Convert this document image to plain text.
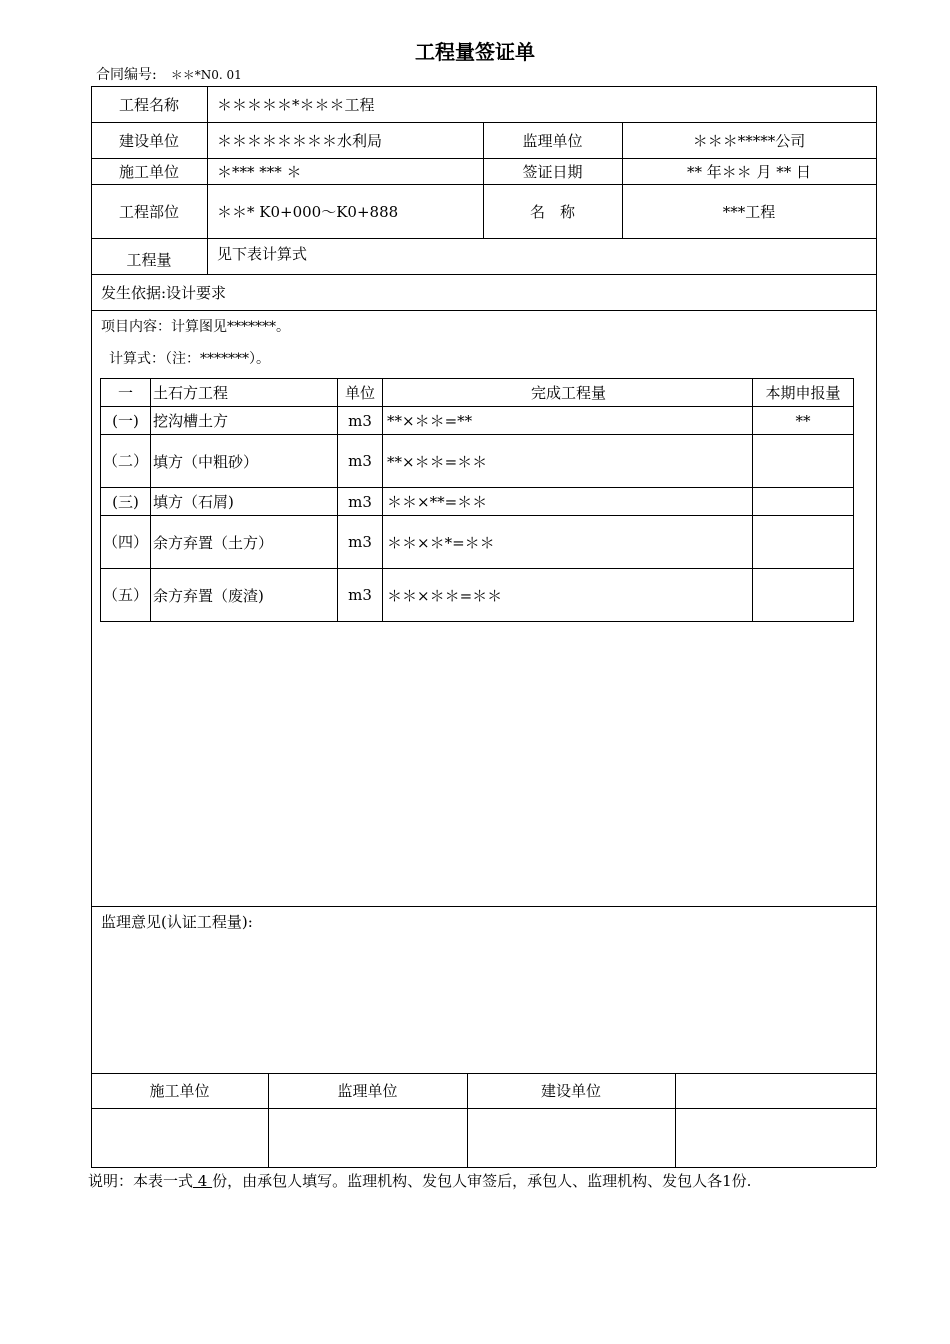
工程量签证单
合同编号: ＊＊*N0. 01
工程名称	＊＊＊＊＊*＊＊＊工程
建设单位	＊＊＊＊＊＊＊＊水利局	监理单位	＊＊＊*****公司
施工单位	＊*** *** ＊	签证日期	** 年＊＊ 月 ** 日
工程部位	＊＊* K0+000～K0+888	名　称	***工程
工程量	见下表计算式
发生依据:设计要求
项目内容：计算图见*******。
计算式：（注：*******）。
一	土石方工程	单位	完成工程量	本期申报量
(一)	挖沟槽土方	m3	**×＊＊=**	**
（二）	填方（中粗砂）	m3	**×＊＊=＊＊	
(三)	填方（石屑)	m3	＊＊×**=＊＊	
（四）	余方弃置（土方）	m3	＊＊×＊*=＊＊	
（五）	余方弃置（废渣)	m3	＊＊×＊＊=＊＊	
监理意见(认证工程量):
施工单位	监理单位	建设单位
说明：本表一式 4 份，由承包人填写。监理机构、发包人审签后，承包人、监理机构、发包人各1份.
